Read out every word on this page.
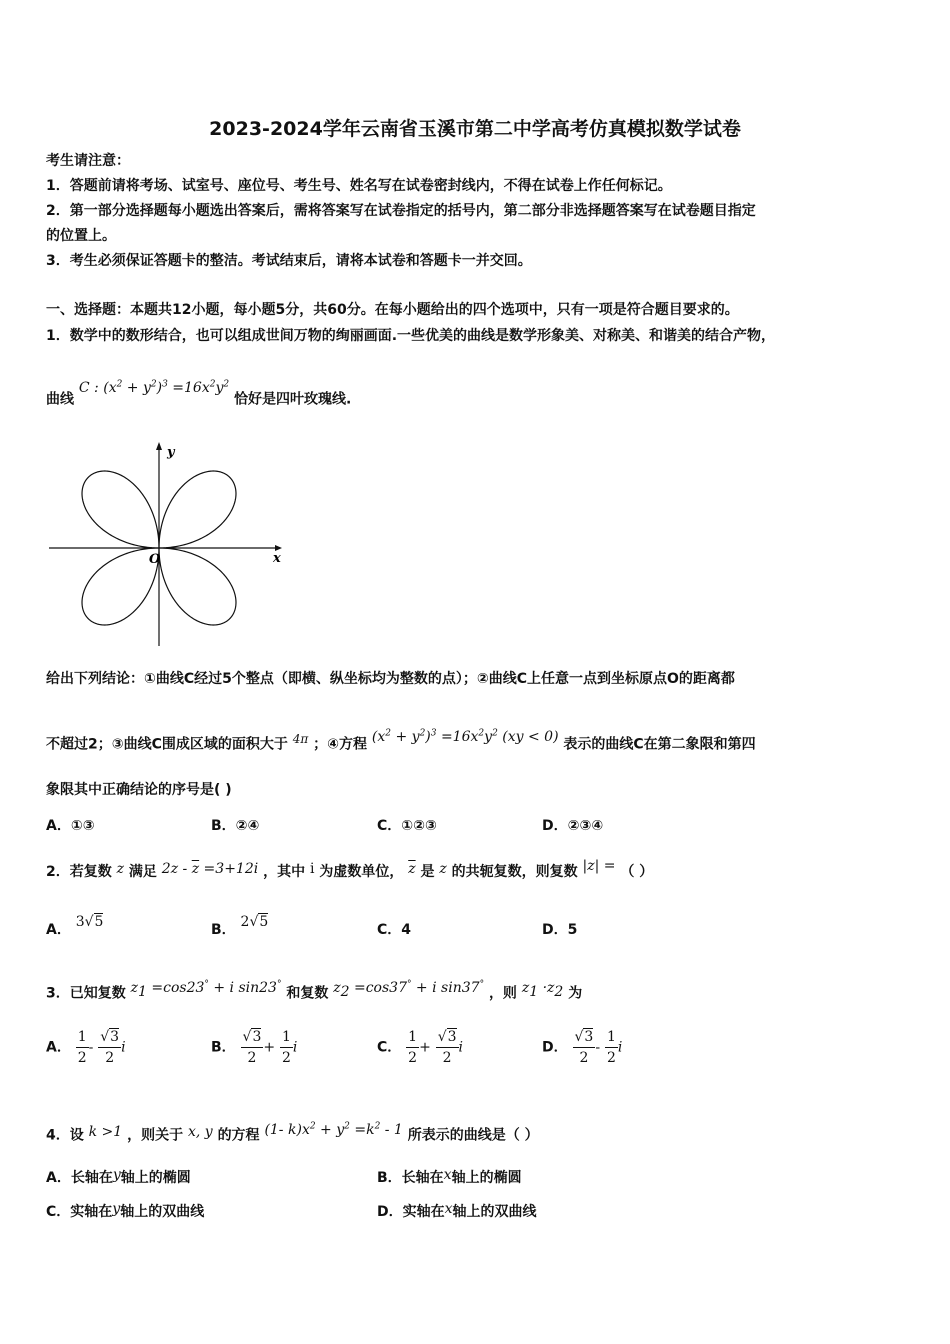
2023-2024学年云南省玉溪市第二中学高考仿真模拟数学试卷
考生请注意：
1．答题前请将考场、试室号、座位号、考生号、姓名写在试卷密封线内，不得在试卷上作任何标记。
2．第一部分选择题每小题选出答案后，需将答案写在试卷指定的括号内，第二部分非选择题答案写在试卷题目指定
的位置上。
3．考生必须保证答题卡的整洁。考试结束后，请将本试卷和答题卡一并交回。
一、选择题：本题共12小题，每小题5分，共60分。在每小题给出的四个选项中，只有一项是符合题目要求的。
1．数学中的数形结合，也可以组成世间万物的绚丽画面.一些优美的曲线是数学形象美、对称美、和谐美的结合产物，
曲线 C : $(x^2 + y^2)^3 =16x^2y^2$ 恰好是四叶玫瑰线.
y
x
O
给出下列结论：①曲线C经过5个整点（即横、纵坐标均为整数的点）；②曲线C上任意一点到坐标原点O的距离都
不超过2；③曲线C围成区域的面积大于 4π ；④方程 $(x^2 + y^2)^3 =16x^2y^2$ (xy < 0) 表示的曲线C在第二象限和第四
象限其中正确结论的序号是( )
A．①③	B．②④	C．①②③	D．②③④
2．若复数 z 满足 $2z - \overline{z} =3+12i$ ，其中 i 为虚数单位， $\overline{z}$ 是 z 的共轭复数，则复数 |z| = （ ）
A． 3√5	B． 2√5	C．4	D．5
3．已知复数 $z_1 =\cos 23^\circ + i$ sin23° 和复数 $z_2 =\cos 37^\circ + i$ sin37° ，则 $z_1 \cdot z_2$ 为
A． $\frac{1}{2} - \frac{√3}{2}$ i	B． $\frac{√3}{2} + \frac{1}{2}$ i	C． $\frac{1}{2} + \frac{√3}{2}$ i	D． $\frac{√3}{2} - \frac{1}{2}$ i
4．设 k >1 ，则关于 x, y 的方程 (1- $k)x^2 + y^2 =k^2 - 1$ 所表示的曲线是（ ）
A．长轴在y轴上的椭圆	B．长轴在x轴上的椭圆
C．实轴在y轴上的双曲线	D．实轴在x轴上的双曲线
